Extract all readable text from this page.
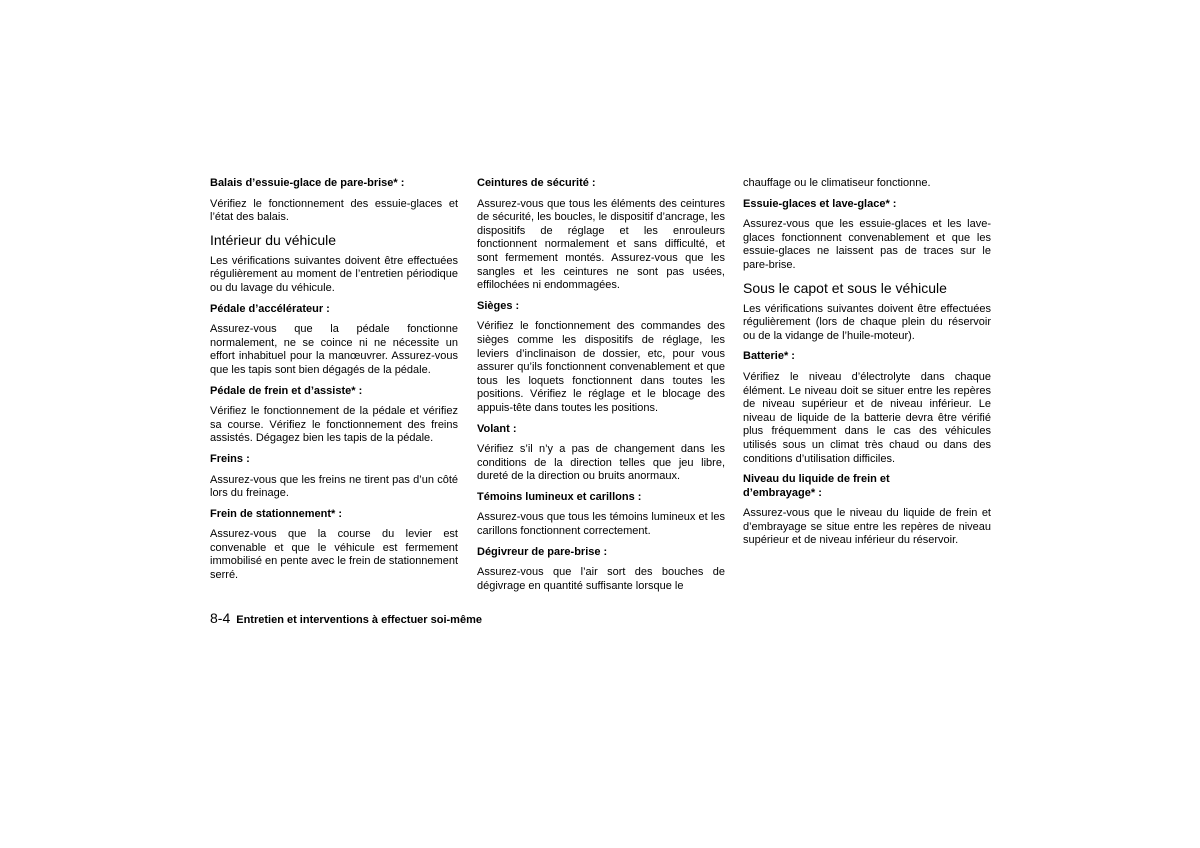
Balais d’essuie-glace de pare-brise* :
Vérifiez le fonctionnement des essuie-glaces et l’état des balais.
Intérieur du véhicule
Les vérifications suivantes doivent être effectuées régulièrement au moment de l’entretien périodique ou du lavage du véhicule.
Pédale d’accélérateur :
Assurez-vous que la pédale fonctionne normalement, ne se coince ni ne nécessite un effort inhabituel pour la manœuvrer. Assurez-vous que les tapis sont bien dégagés de la pédale.
Pédale de frein et d’assiste* :
Vérifiez le fonctionnement de la pédale et vérifiez sa course. Vérifiez le fonctionnement des freins assistés. Dégagez bien les tapis de la pédale.
Freins :
Assurez-vous que les freins ne tirent pas d’un côté lors du freinage.
Frein de stationnement* :
Assurez-vous que la course du levier est convenable et que le véhicule est fermement immobilisé en pente avec le frein de stationnement serré.
Ceintures de sécurité :
Assurez-vous que tous les éléments des ceintures de sécurité, les boucles, le dispositif d’ancrage, les dispositifs de réglage et les enrouleurs fonctionnent normalement et sans difficulté, et sont fermement montés. Assurez-vous que les sangles et les ceintures ne sont pas usées, effilochées ni endommagées.
Sièges :
Vérifiez le fonctionnement des commandes des sièges comme les dispositifs de réglage, les leviers d’inclinaison de dossier, etc, pour vous assurer qu’ils fonctionnent convenablement et que tous les loquets fonctionnent dans toutes les positions. Vérifiez le réglage et le blocage des appuis-tête dans toutes les positions.
Volant :
Vérifiez s’il n’y a pas de changement dans les conditions de la direction telles que jeu libre, dureté de la direction ou bruits anormaux.
Témoins lumineux et carillons :
Assurez-vous que tous les témoins lumineux et les carillons fonctionnent correctement.
Dégivreur de pare-brise :
Assurez-vous que l’air sort des bouches de dégivrage en quantité suffisante lorsque le
chauffage ou le climatiseur fonctionne.
Essuie-glaces et lave-glace* :
Assurez-vous que les essuie-glaces et les lave-glaces fonctionnent convenablement et que les essuie-glaces ne laissent pas de traces sur le pare-brise.
Sous le capot et sous le véhicule
Les vérifications suivantes doivent être effectuées régulièrement (lors de chaque plein du réservoir ou de la vidange de l’huile-moteur).
Batterie* :
Vérifiez le niveau d’électrolyte dans chaque élément. Le niveau doit se situer entre les repères de niveau supérieur et de niveau inférieur. Le niveau de liquide de la batterie devra être vérifié plus fréquemment dans le cas des véhicules utilisés sous un climat très chaud ou dans des conditions d’utilisation difficiles.
Niveau du liquide de frein et
d’embrayage* :
Assurez-vous que le niveau du liquide de frein et d’embrayage se situe entre les repères de niveau supérieur et de niveau inférieur du réservoir.
8-4 Entretien et interventions à effectuer soi-même
